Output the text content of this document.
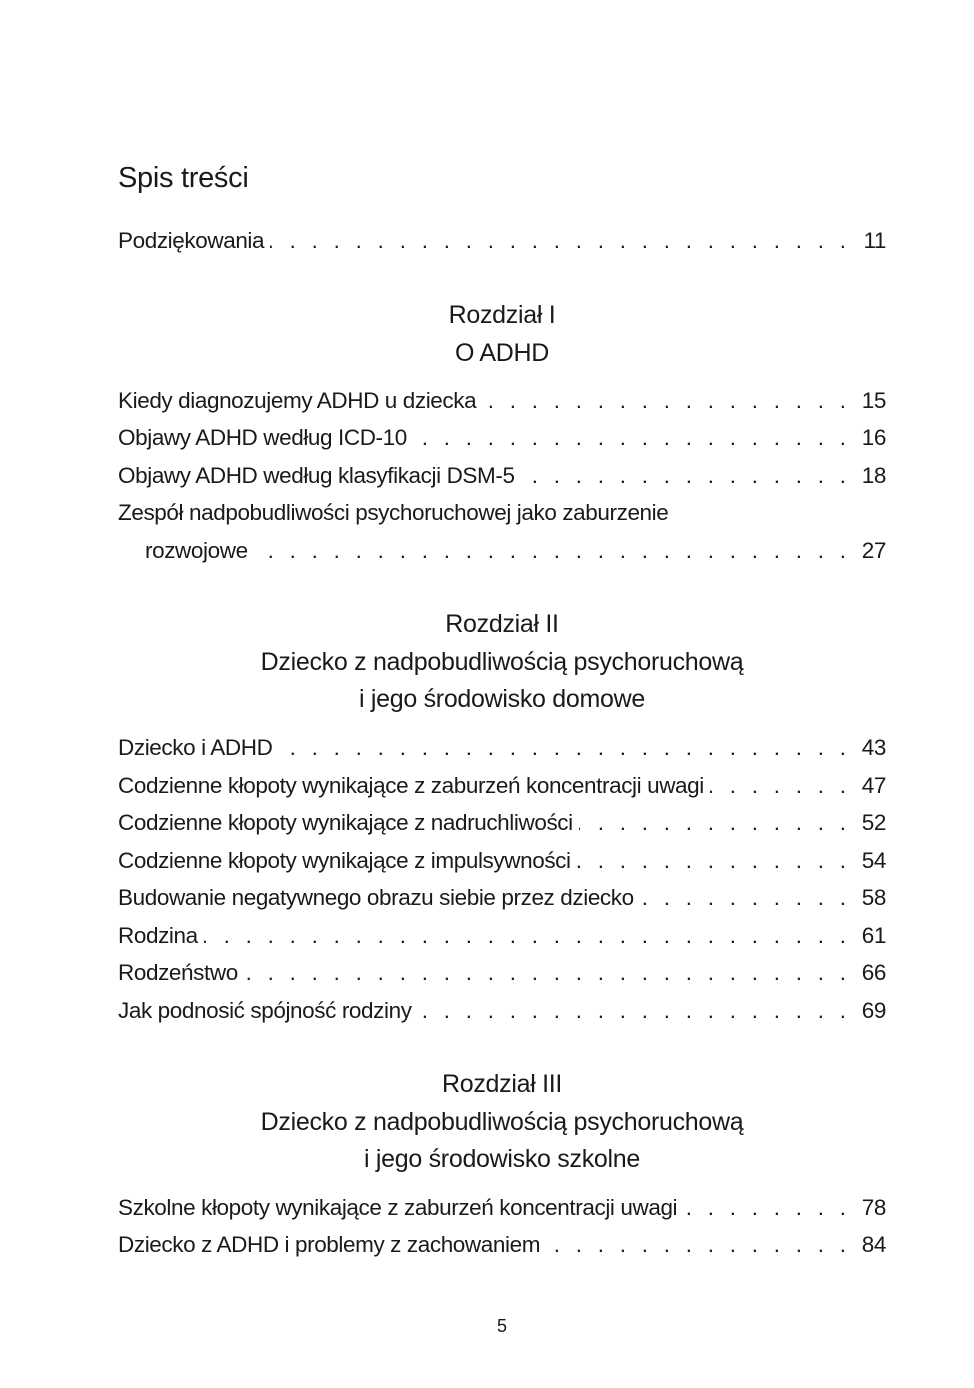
Spis treści
Podziękowania . . .	11
Rozdział I
O ADHD
Kiedy diagnozujemy ADHD u dziecka . . .	15
Objawy ADHD według ICD-10 . . .	16
Objawy ADHD według klasyfikacji DSM-5 . . .	18
Zespół nadpobudliwości psychoruchowej jako zaburzenie
rozwojowe . . .	27
Rozdział II
Dziecko z nadpobudliwością psychoruchową
i jego środowisko domowe
Dziecko i ADHD . . .	43
Codzienne kłopoty wynikające z zaburzeń koncentracji uwagi . . .	47
Codzienne kłopoty wynikające z nadruchliwości . . .	52
Codzienne kłopoty wynikające z impulsywności . . .	54
Budowanie negatywnego obrazu siebie przez dziecko . . .	58
Rodzina . . .	61
Rodzeństwo . . .	66
Jak podnosić spójność rodziny . . .	69
Rozdział III
Dziecko z nadpobudliwością psychoruchową
i jego środowisko szkolne
Szkolne kłopoty wynikające z zaburzeń koncentracji uwagi . . .	78
Dziecko z ADHD i problemy z zachowaniem . . .	84
5
